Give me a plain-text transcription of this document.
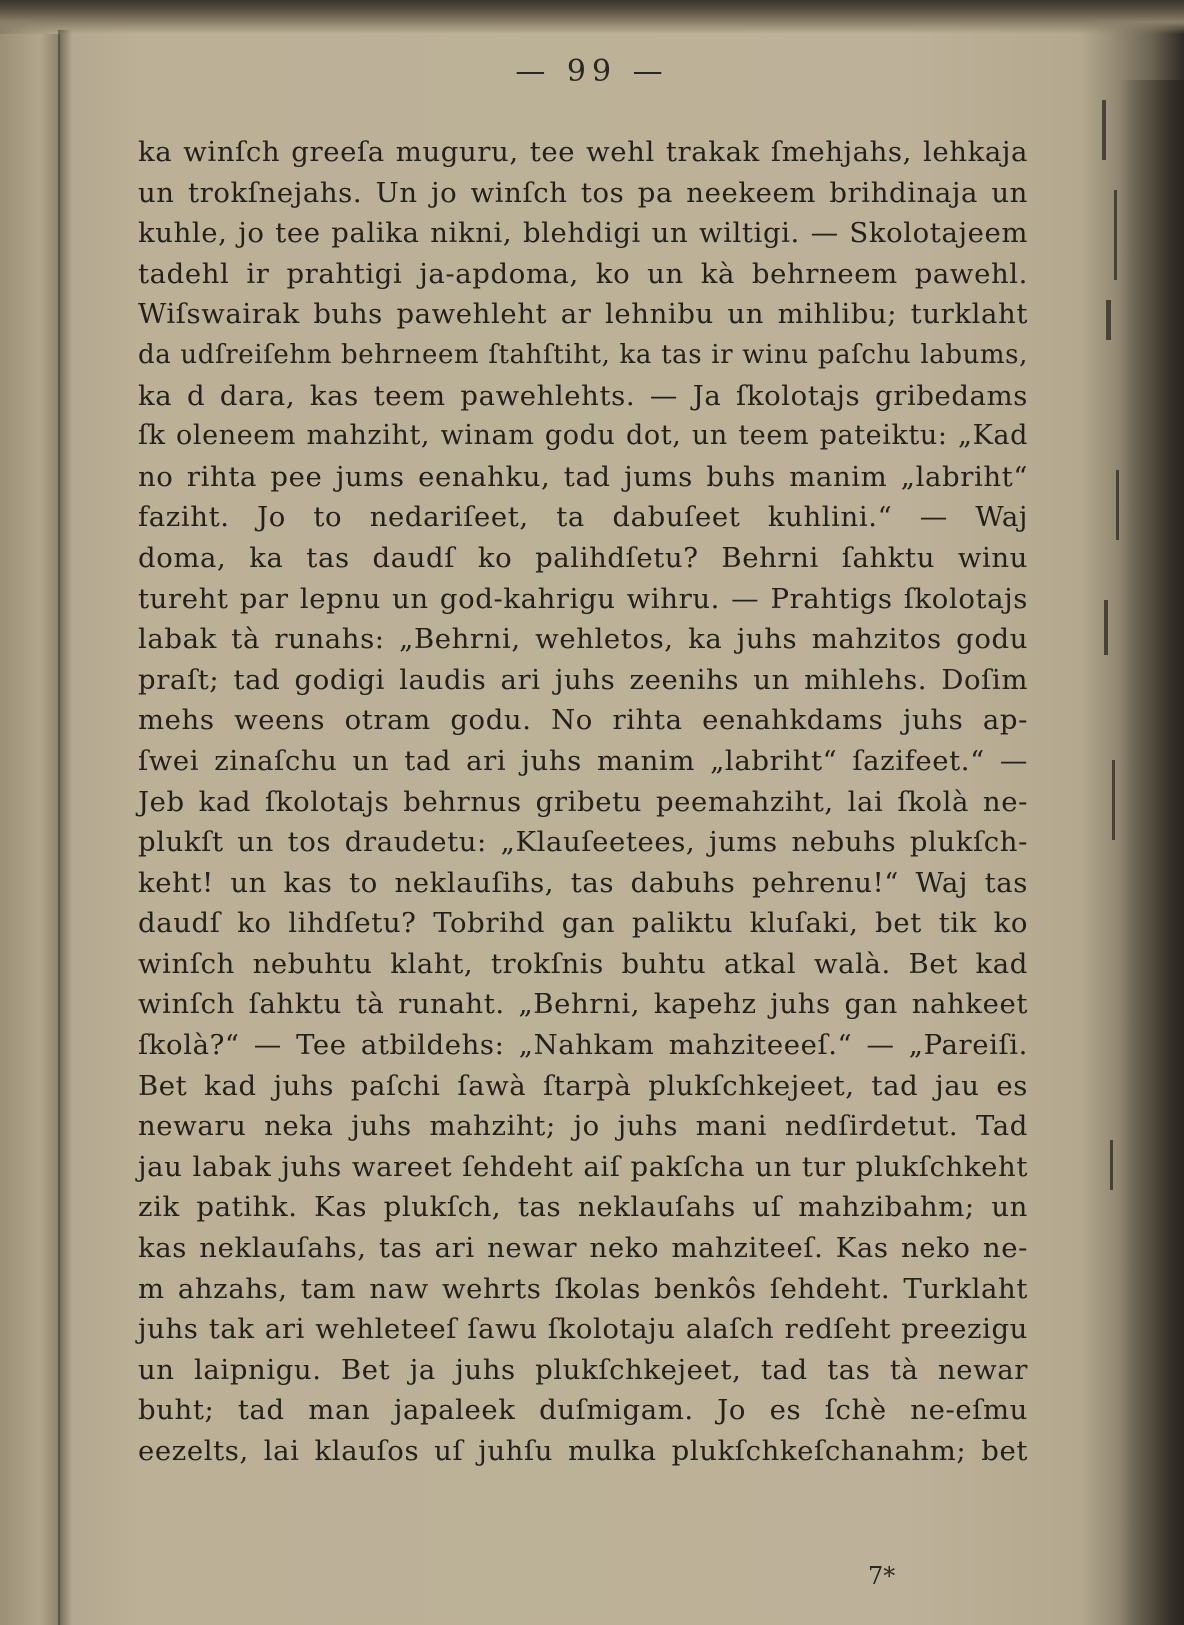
— 99 —
ka winſch greeſa muguru, tee wehl trakak ſmehjahs, lehkaja
un trokſnejahs. Un jo winſch tos pa neekeem brihdinaja un
kuhle, jo tee palika nikni, blehdigi un wiltigi. — Skolotajeem
tadehl ir prahtigi ja-apdoma, ko un kà behrneem pawehl.
Wiſswairak buhs pawehleht ar lehnibu un mihlibu; turklaht
da udſreiſehm behrneem ſtahſtiht, ka tas ir winu paſchu labums,
ka d dara, kas teem pawehlehts. — Ja ſkolotajs gribedams
ſk oleneem mahziht, winam godu dot, un teem pateiktu: „Kad
no rihta pee jums eenahku, tad jums buhs manim „labriht“
faziht. Jo to nedariſeet, ta dabuſeet kuhlini.“ — Waj
doma, ka tas daudſ ko palihdſetu? Behrni ſahktu winu
tureht par lepnu un god-kahrigu wihru. — Prahtigs ſkolotajs
labak tà runahs: „Behrni, wehletos, ka juhs mahzitos godu
praſt; tad godigi laudis ari juhs zeenihs un mihlehs. Doſim
mehs weens otram godu. No rihta eenahkdams juhs ap-
ſwei zinaſchu un tad ari juhs manim „labriht“ ſazifeet.“ —
Jeb kad ſkolotajs behrnus gribetu peemahziht, lai ſkolà ne-
plukſt un tos draudetu: „Klauſeetees, jums nebuhs plukſch-
keht! un kas to neklauſihs, tas dabuhs pehrenu!“ Waj tas
daudſ ko lihdſetu? Tobrihd gan paliktu kluſaki, bet tik ko
winſch nebuhtu klaht, trokſnis buhtu atkal walà. Bet kad
winſch ſahktu tà runaht. „Behrni, kapehz juhs gan nahkeet
ſkolà?“ — Tee atbildehs: „Nahkam mahziteeeſ.“ — „Pareiſi.
Bet kad juhs paſchi ſawà ſtarpà plukſchkejeet, tad jau es
newaru neka juhs mahziht; jo juhs mani nedſirdetut. Tad
jau labak juhs wareet ſehdeht aiſ pakſcha un tur plukſchkeht
zik patihk. Kas plukſch, tas neklauſahs uſ mahzibahm; un
kas neklauſahs, tas ari newar neko mahziteeſ. Kas neko ne-
m ahzahs, tam naw wehrts ſkolas benkôs ſehdeht. Turklaht
juhs tak ari wehleteeſ ſawu ſkolotaju alaſch redſeht preezigu
un laipnigu. Bet ja juhs plukſchkejeet, tad tas tà newar
buht; tad man japaleek duſmigam. Jo es ſchè ne-eſmu
eezelts, lai klauſos uſ juhſu mulka plukſchkeſchanahm; bet
7*
